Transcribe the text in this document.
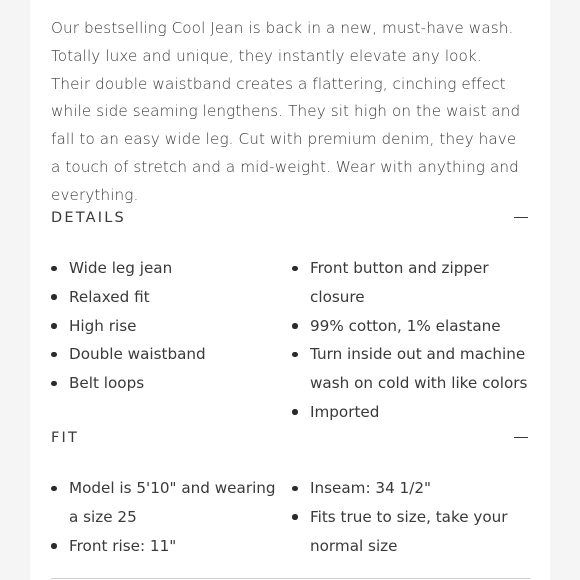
Our bestselling Cool Jean is back in a new, must-have wash. Totally luxe and unique, they instantly elevate any look. Their double waistband creates a flattering, cinching effect while side seaming lengthens. They sit high on the waist and fall to an easy wide leg. Cut with premium denim, they have a touch of stretch and a mid-weight. Wear with anything and everything.

DETAILS
Wide leg jean
Relaxed fit
High rise
Double waistband
Belt loops
Front button and zipper closure
99% cotton, 1% elastane
Turn inside out and machine wash on cold with like colors
Imported
FIT
Model is 5'10" and wearing a size 25
Front rise: 11"
Inseam: 34 1/2"
Fits true to size, take your normal size
